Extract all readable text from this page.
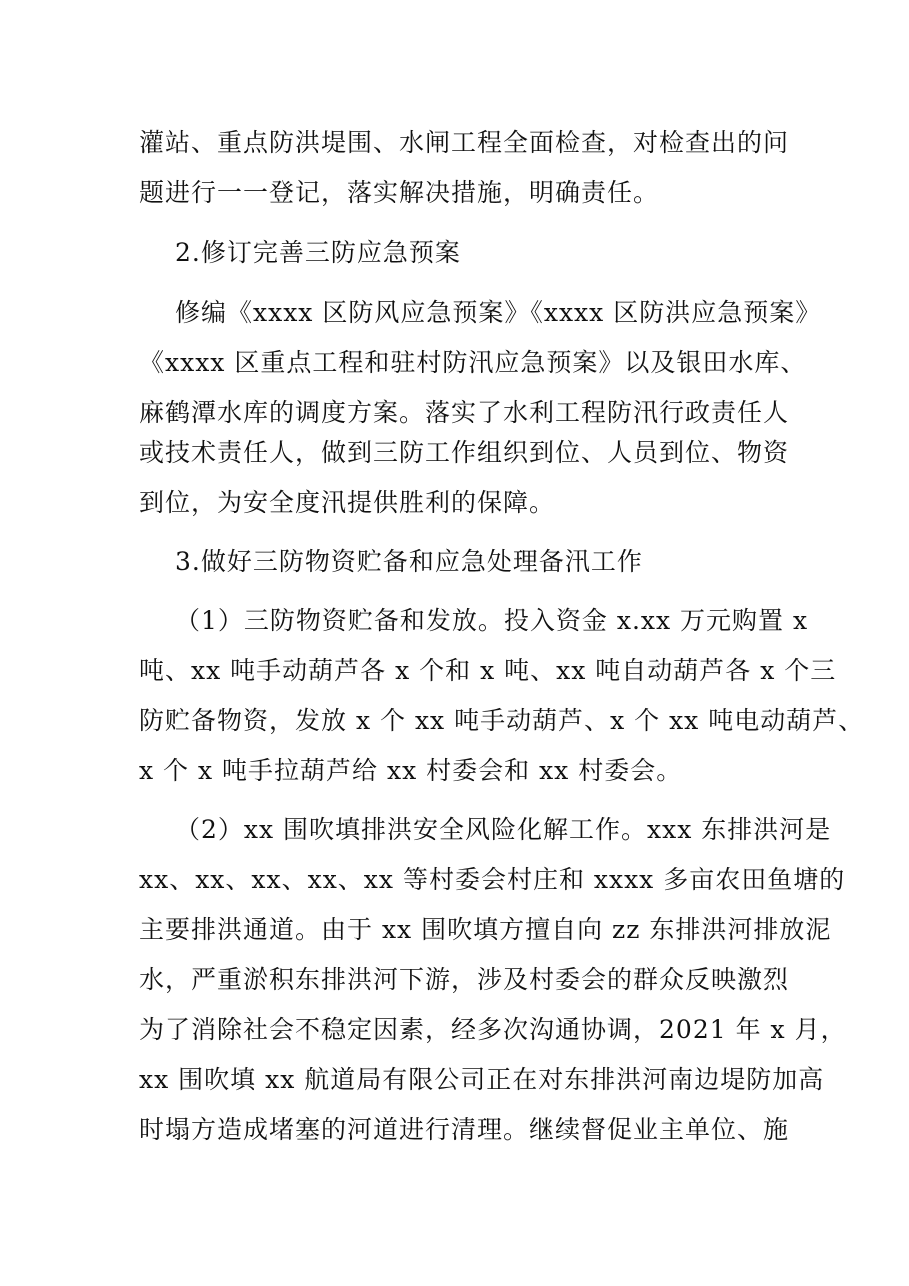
灌站、重点防洪堤围、水闸工程全面检查，对检查出的问
题进行一一登记，落实解决措施，明确责任。
2.修订完善三防应急预案
修编《xxxx 区防风应急预案》《xxxx 区防洪应急预案》
《xxxx 区重点工程和驻村防汛应急预案》以及银田水库、
麻鹤潭水库的调度方案。落实了水利工程防汛行政责任人
或技术责任人，做到三防工作组织到位、人员到位、物资
到位，为安全度汛提供胜利的保障。
3.做好三防物资贮备和应急处理备汛工作
（1）三防物资贮备和发放。投入资金 x.xx 万元购置 x
吨、xx 吨手动葫芦各 x 个和 x 吨、xx 吨自动葫芦各 x 个三
防贮备物资，发放 x 个 xx 吨手动葫芦、x 个 xx 吨电动葫芦、
x 个 x 吨手拉葫芦给 xx 村委会和 xx 村委会。
（2）xx 围吹填排洪安全风险化解工作。xxx 东排洪河是
xx、xx、xx、xx、xx 等村委会村庄和 xxxx 多亩农田鱼塘的
主要排洪通道。由于 xx 围吹填方擅自向 zz 东排洪河排放泥
水，严重淤积东排洪河下游，涉及村委会的群众反映激烈
为了消除社会不稳定因素，经多次沟通协调，2021 年 x 月，
xx 围吹填 xx 航道局有限公司正在对东排洪河南边堤防加高
时塌方造成堵塞的河道进行清理。继续督促业主单位、施
